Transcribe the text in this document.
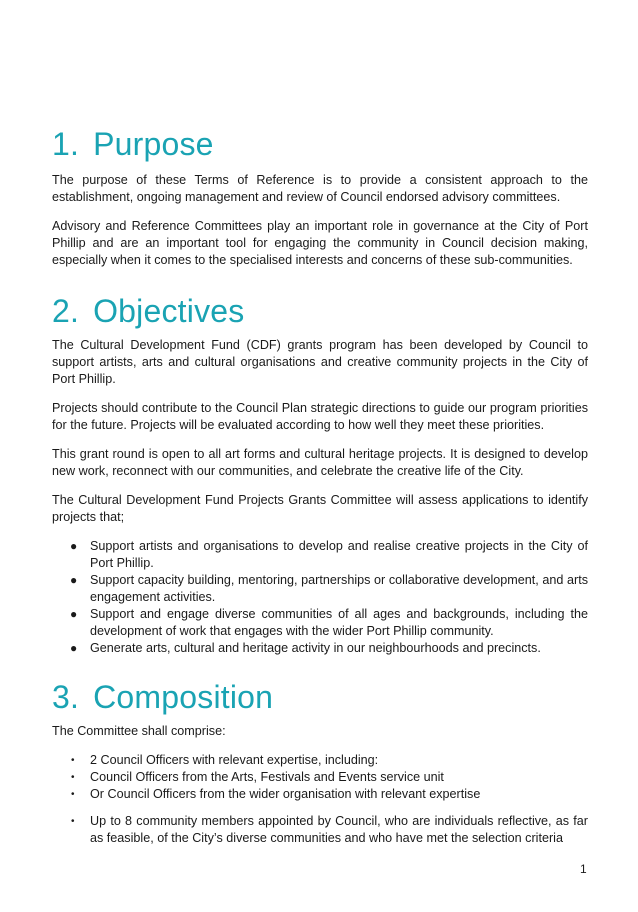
1. Purpose

The purpose of these Terms of Reference is to provide a consistent approach to the establishment, ongoing management and review of Council endorsed advisory committees.

Advisory and Reference Committees play an important role in governance at the City of Port Phillip and are an important tool for engaging the community in Council decision making, especially when it comes to the specialised interests and concerns of these sub-communities.

2. Objectives

The Cultural Development Fund (CDF) grants program has been developed by Council to support artists, arts and cultural organisations and creative community projects in the City of Port Phillip.

Projects should contribute to the Council Plan strategic directions to guide our program priorities for the future. Projects will be evaluated according to how well they meet these priorities.

This grant round is open to all art forms and cultural heritage projects. It is designed to develop new work, reconnect with our communities, and celebrate the creative life of the City.

The Cultural Development Fund Projects Grants Committee will assess applications to identify projects that;

● Support artists and organisations to develop and realise creative projects in the City of Port Phillip.
● Support capacity building, mentoring, partnerships or collaborative development, and arts engagement activities.
● Support and engage diverse communities of all ages and backgrounds, including the development of work that engages with the wider Port Phillip community.
● Generate arts, cultural and heritage activity in our neighbourhoods and precincts.
3. Composition

The Committee shall comprise:

• 2 Council Officers with relevant expertise, including:
• Council Officers from the Arts, Festivals and Events service unit
• Or Council Officers from the wider organisation with relevant expertise
• Up to 8 community members appointed by Council, who are individuals reflective, as far as feasible, of the City’s diverse communities and who have met the selection criteria
1
